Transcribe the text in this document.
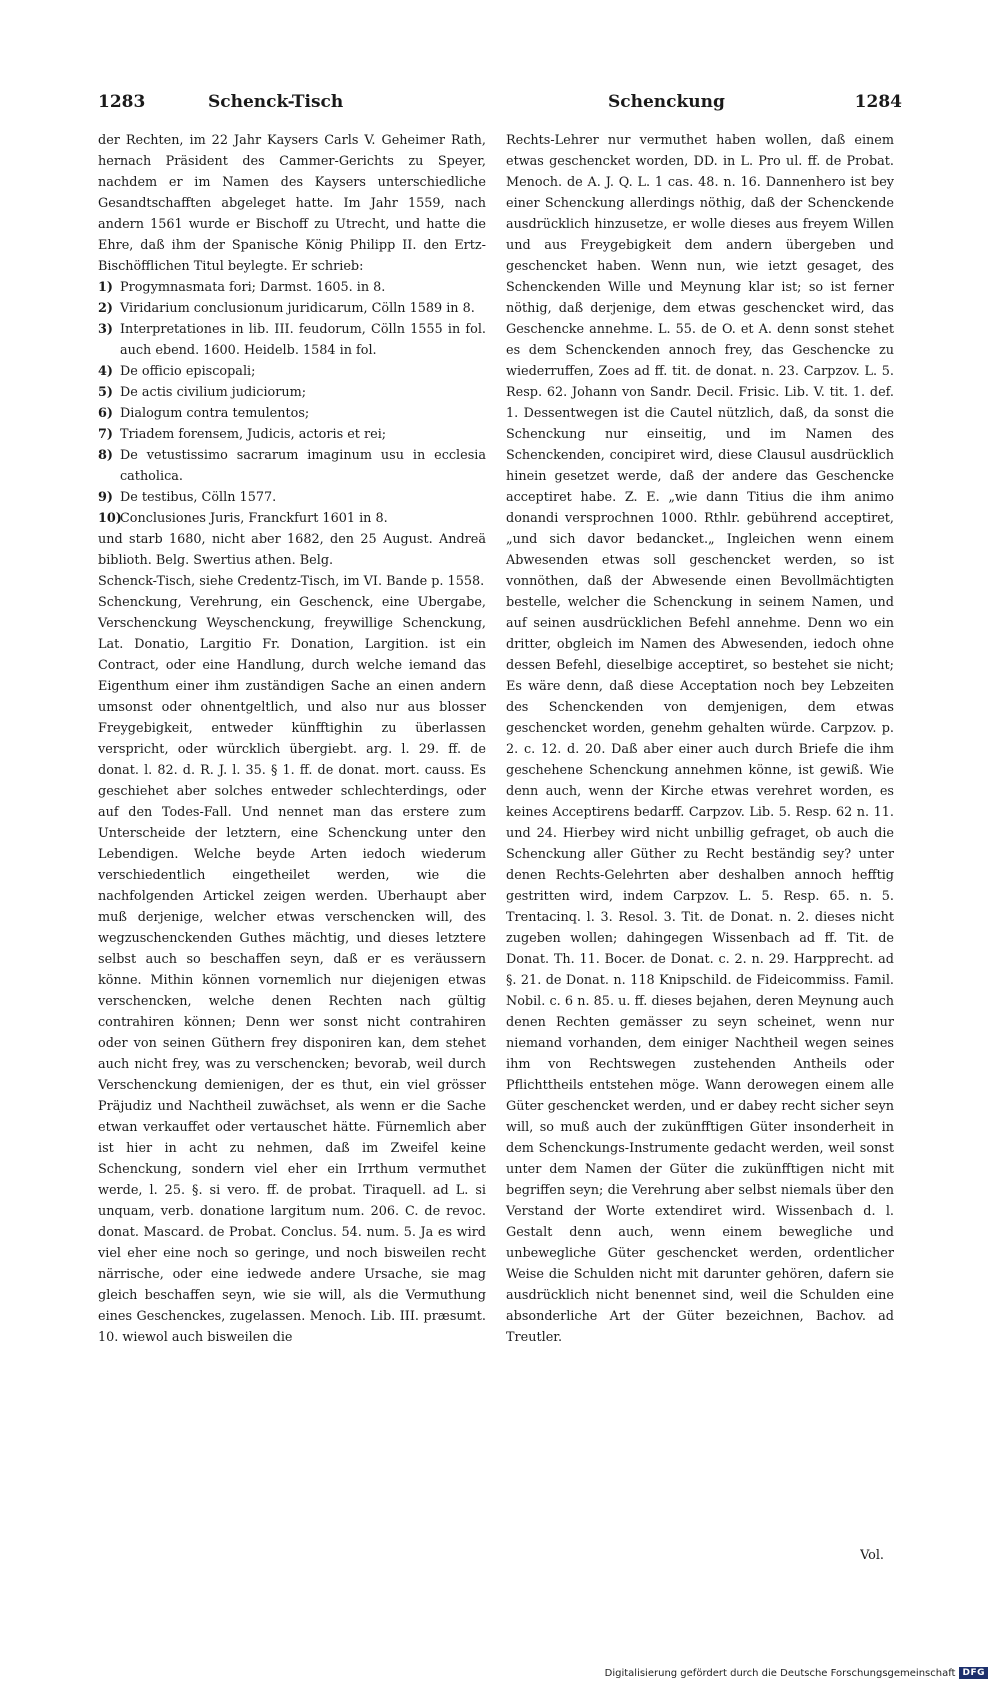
1283	Schenck-Tisch	Schenckung	1284

der Rechten, im 22 Jahr Kaysers Carls V. Geheimer Rath, hernach Präsident des Cammer-Gerichts zu Speyer, nachdem er im Namen des Kaysers unterschiedliche Gesandtschafften abgeleget hatte. Im Jahr 1559, nach andern 1561 wurde er Bischoff zu Utrecht, und hatte die Ehre, daß ihm der Spanische König Philipp II. den Ertz-Bischöfflichen Titul beylegte. Er schrieb:

1) Progymnasmata fori; Darmst. 1605. in 8.
2) Viridarium conclusionum juridicarum, Cölln 1589 in 8.
3) Interpretationes in lib. III. feudorum, Cölln 1555 in fol. auch ebend. 1600. Heidelb. 1584 in fol.
4) De officio episcopali;
5) De actis civilium judiciorum;
6) Dialogum contra temulentos;
7) Triadem forensem, Judicis, actoris et rei;
8) De vetustissimo sacrarum imaginum usu in ecclesia catholica.
9) De testibus, Cölln 1577.
10)Conclusiones Juris, Franckfurt 1601 in 8.

und starb 1680, nicht aber 1682, den 25 August. Andreä biblioth. Belg. Swertius athen. Belg.

Schenck-Tisch, siehe Credentz-Tisch, im VI. Bande p. 1558.

Schenckung, Verehrung, ein Geschenck, eine Ubergabe, Verschenckung Weyschenckung, freywillige Schenckung, Lat. Donatio, Largitio Fr. Donation, Largition. ist ein Contract, oder eine Handlung, durch welche iemand das Eigenthum einer ihm zuständigen Sache an einen andern umsonst oder ohnentgeltlich, und also nur aus blosser Freygebigkeit, entweder künfftighin zu überlassen verspricht, oder würcklich übergiebt. arg. l. 29. ff. de donat. l. 82. d. R. J. l. 35. § 1. ff. de donat. mort. causs. Es geschiehet aber solches entweder schlechterdings, oder auf den Todes-Fall. Und nennet man das erstere zum Unterscheide der letztern, eine Schenckung unter den Lebendigen. Welche beyde Arten iedoch wiederum verschiedentlich eingetheilet werden, wie die nachfolgenden Artickel zeigen werden. Uberhaupt aber muß derjenige, welcher etwas verschencken will, des wegzuschenckenden Guthes mächtig, und dieses letztere selbst auch so beschaffen seyn, daß er es veräussern könne. Mithin können vornemlich nur diejenigen etwas verschencken, welche denen Rechten nach gültig contrahiren können; Denn wer sonst nicht contrahiren oder von seinen Güthern frey disponiren kan, dem stehet auch nicht frey, was zu verschencken; bevorab, weil durch Verschenckung demienigen, der es thut, ein viel grösser Präjudiz und Nachtheil zuwächset, als wenn er die Sache etwan verkauffet oder vertauschet hätte. Fürnemlich aber ist hier in acht zu nehmen, daß im Zweifel keine Schenckung, sondern viel eher ein Irrthum vermuthet werde, l. 25. §. si vero. ff. de probat. Tiraquell. ad L. si unquam, verb. donatione largitum num. 206. C. de revoc. donat. Mascard. de Probat. Conclus. 54. num. 5. Ja es wird viel eher eine noch so geringe, und noch bisweilen recht närrische, oder eine iedwede andere Ursache, sie mag gleich beschaffen seyn, wie sie will, als die Vermuthung eines Geschenckes, zugelassen. Menoch. Lib. III. præsumt. 10. wiewol auch bisweilen die

Rechts-Lehrer nur vermuthet haben wollen, daß einem etwas geschencket worden, DD. in L. Pro ul. ff. de Probat. Menoch. de A. J. Q. L. 1 cas. 48. n. 16. Dannenhero ist bey einer Schenckung allerdings nöthig, daß der Schenckende ausdrücklich hinzusetze, er wolle dieses aus freyem Willen und aus Freygebigkeit dem andern übergeben und geschencket haben. Wenn nun, wie ietzt gesaget, des Schenckenden Wille und Meynung klar ist; so ist ferner nöthig, daß derjenige, dem etwas geschencket wird, das Geschencke annehme. L. 55. de O. et A. denn sonst stehet es dem Schenckenden annoch frey, das Geschencke zu wiederruffen, Zoes ad ff. tit. de donat. n. 23. Carpzov. L. 5. Resp. 62. Johann von Sandr. Decil. Frisic. Lib. V. tit. 1. def. 1. Dessentwegen ist die Cautel nützlich, daß, da sonst die Schenckung nur einseitig, und im Namen des Schenckenden, concipiret wird, diese Clausul ausdrücklich hinein gesetzet werde, daß der andere das Geschencke acceptiret habe. Z. E. „wie dann Titius die ihm animo donandi versprochnen 1000. Rthlr. gebührend acceptiret, „und sich davor bedancket.„ Ingleichen wenn einem Abwesenden etwas soll geschencket werden, so ist vonnöthen, daß der Abwesende einen Bevollmächtigten bestelle, welcher die Schenckung in seinem Namen, und auf seinen ausdrücklichen Befehl annehme. Denn wo ein dritter, obgleich im Namen des Abwesenden, iedoch ohne dessen Befehl, dieselbige acceptiret, so bestehet sie nicht; Es wäre denn, daß diese Acceptation noch bey Lebzeiten des Schenckenden von demjenigen, dem etwas geschencket worden, genehm gehalten würde. Carpzov. p. 2. c. 12. d. 20. Daß aber einer auch durch Briefe die ihm geschehene Schenckung annehmen könne, ist gewiß. Wie denn auch, wenn der Kirche etwas verehret worden, es keines Acceptirens bedarff. Carpzov. Lib. 5. Resp. 62 n. 11. und 24. Hierbey wird nicht unbillig gefraget, ob auch die Schenckung aller Güther zu Recht beständig sey? unter denen Rechts-Gelehrten aber deshalben annoch hefftig gestritten wird, indem Carpzov. L. 5. Resp. 65. n. 5. Trentacinq. l. 3. Resol. 3. Tit. de Donat. n. 2. dieses nicht zugeben wollen; dahingegen Wissenbach ad ff. Tit. de Donat. Th. 11. Bocer. de Donat. c. 2. n. 29. Harpprecht. ad §. 21. de Donat. n. 118 Knipschild. de Fideicommiss. Famil. Nobil. c. 6 n. 85. u. ff. dieses bejahen, deren Meynung auch denen Rechten gemässer zu seyn scheinet, wenn nur niemand vorhanden, dem einiger Nachtheil wegen seines ihm von Rechtswegen zustehenden Antheils oder Pflichttheils entstehen möge. Wann derowegen einem alle Güter geschencket werden, und er dabey recht sicher seyn will, so muß auch der zukünfftigen Güter insonderheit in dem Schenckungs-Instrumente gedacht werden, weil sonst unter dem Namen der Güter die zukünfftigen nicht mit begriffen seyn; die Verehrung aber selbst niemals über den Verstand der Worte extendiret wird. Wissenbach d. l. Gestalt denn auch, wenn einem bewegliche und unbewegliche Güter geschencket werden, ordentlicher Weise die Schulden nicht mit darunter gehören, dafern sie ausdrücklich nicht benennet sind, weil die Schulden eine absonderliche Art der Güter bezeichnen, Bachov. ad Treutler.

Vol.
Digitalisierung gefördert durch die Deutsche Forschungsgemeinschaft DFG
